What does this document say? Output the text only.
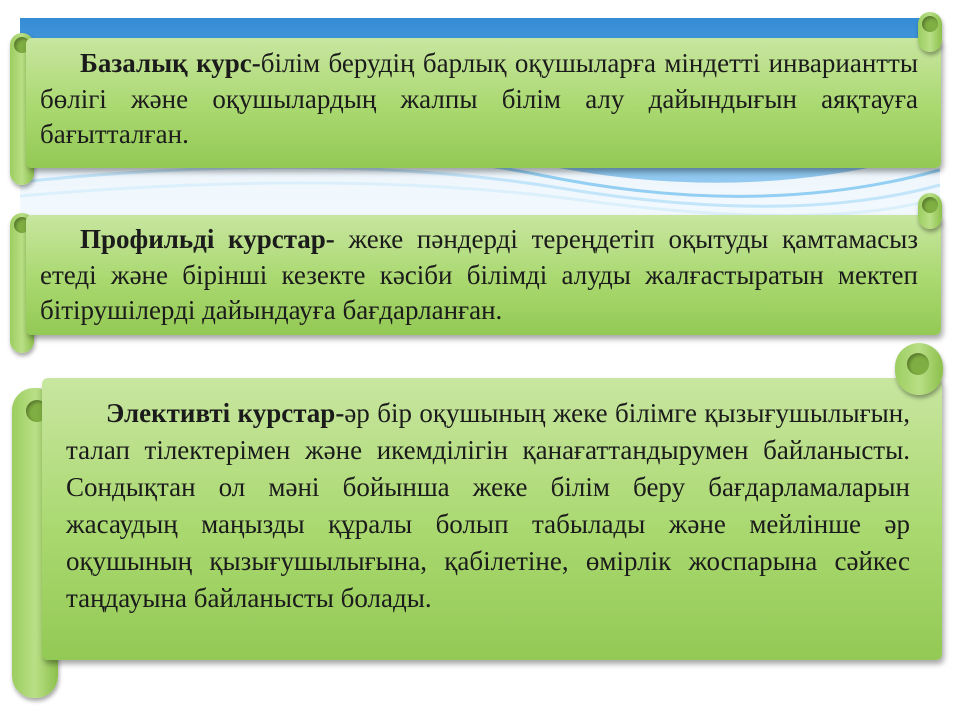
Базалық курс-білім берудің барлық оқушыларға міндетті инвариантты бөлігі және оқушылардың жалпы білім алу дайындығын аяқтауға бағытталған.
Профильді курстар- жеке пәндерді тереңдетіп оқытуды қамтамасыз етеді және бірінші кезекте кәсіби білімді алуды жалғастыратын мектеп бітірушілерді дайындауға бағдарланған.
Элективті курстар-әр бір оқушының жеке білімге қызығушылығын, талап тілектерімен және икемділігін қанағаттандырумен байланысты. Сондықтан ол мәні бойынша жеке білім беру бағдарламаларын жасаудың маңызды құралы болып табылады және мейлінше әр оқушының қызығушылығына, қабілетіне, өмірлік жоспарына сәйкес таңдауына байланысты болады.
